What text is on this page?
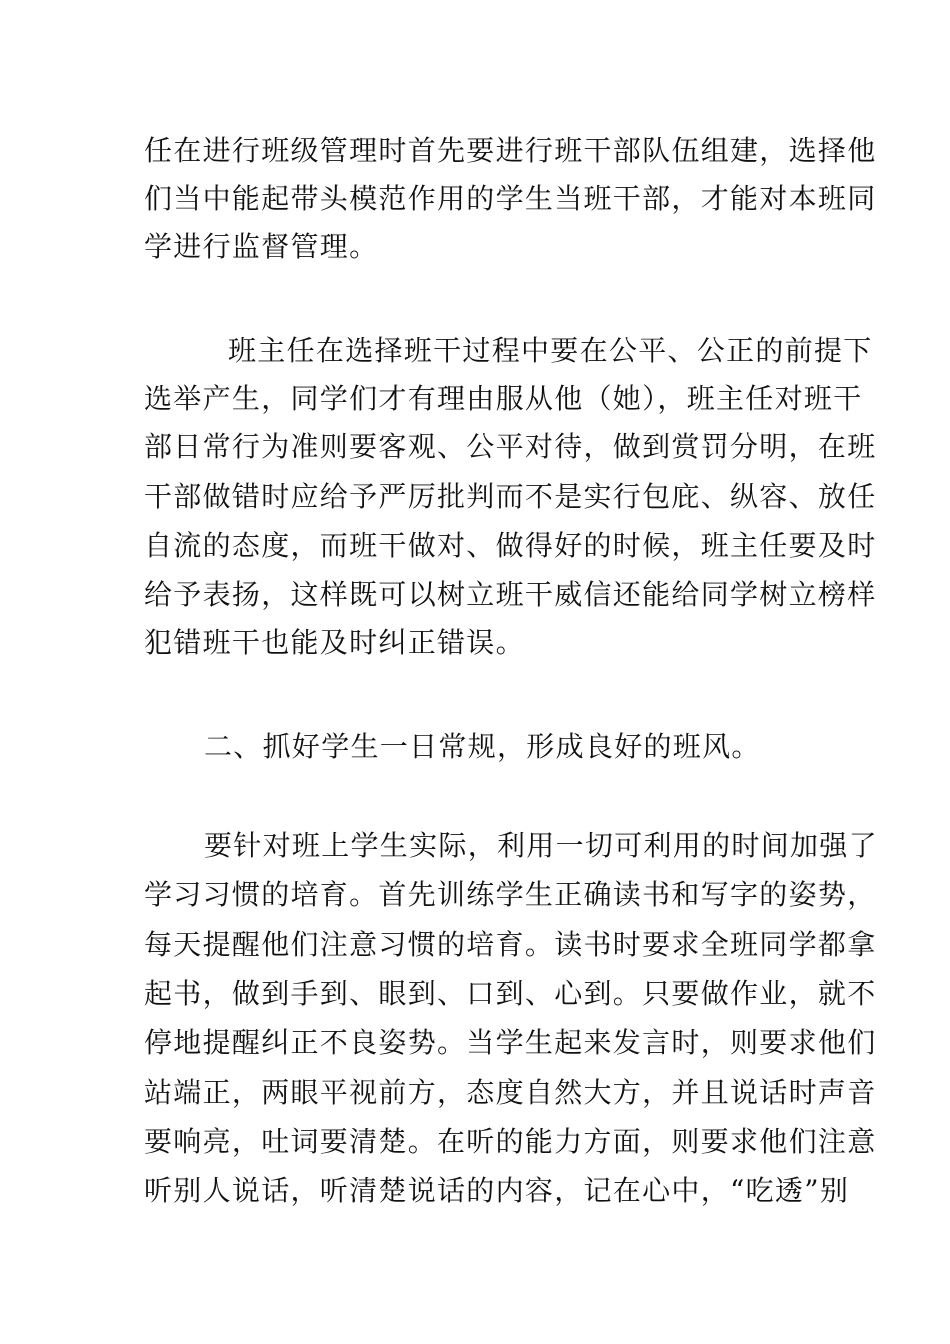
任在进行班级管理时首先要进行班干部队伍组建，选择他
们当中能起带头模范作用的学生当班干部，才能对本班同
学进行监督管理。
班主任在选择班干过程中要在公平、公正的前提下
选举产生，同学们才有理由服从他（她），班主任对班干
部日常行为准则要客观、公平对待，做到赏罚分明，在班
干部做错时应给予严厉批判而不是实行包庇、纵容、放任
自流的态度，而班干做对、做得好的时候，班主任要及时
给予表扬，这样既可以树立班干威信还能给同学树立榜样
犯错班干也能及时纠正错误。
二、抓好学生一日常规，形成良好的班风。
要针对班上学生实际，利用一切可利用的时间加强了
学习习惯的培育。首先训练学生正确读书和写字的姿势，
每天提醒他们注意习惯的培育。读书时要求全班同学都拿
起书，做到手到、眼到、口到、心到。只要做作业，就不
停地提醒纠正不良姿势。当学生起来发言时，则要求他们
站端正，两眼平视前方，态度自然大方，并且说话时声音
要响亮，吐词要清楚。在听的能力方面，则要求他们注意
听别人说话，听清楚说话的内容，记在心中，“吃透”别
